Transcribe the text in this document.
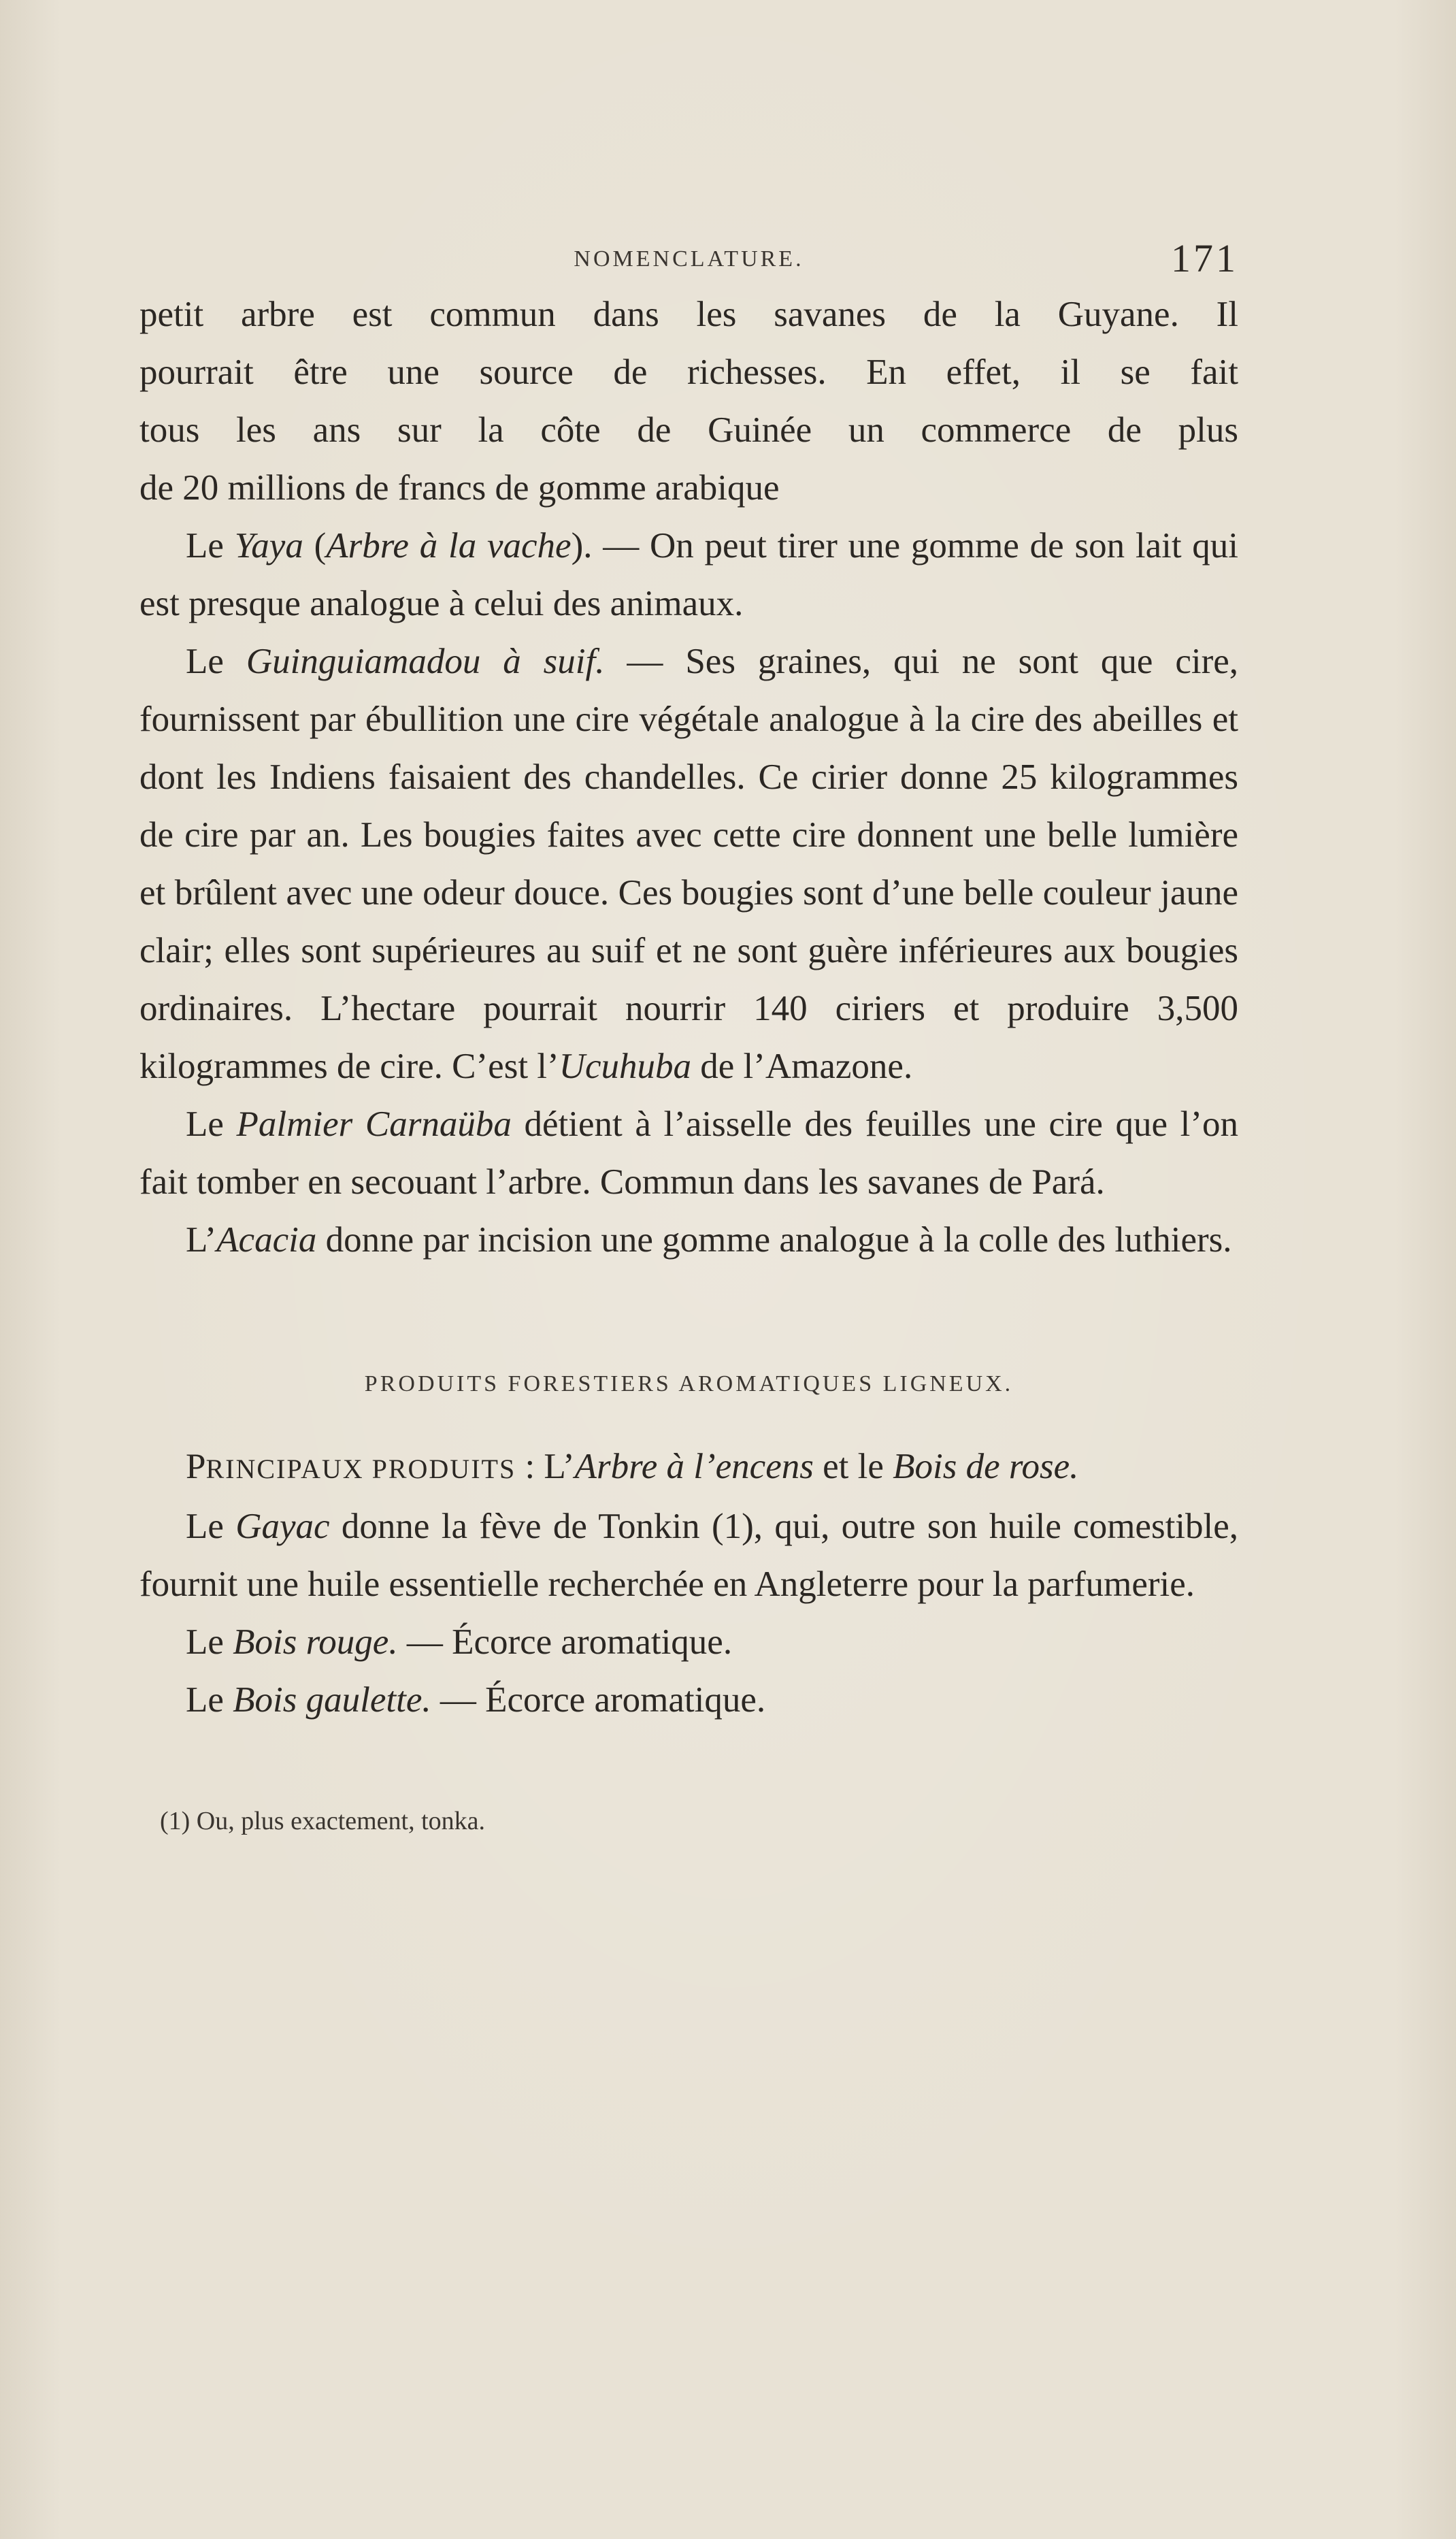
NOMENCLATURE.	171

petit arbre est commun dans les savanes de la Guyane. Il
pourrait être une source de richesses. En effet, il se fait
tous les ans sur la côte de Guinée un commerce de plus
de 20 millions de francs de gomme arabique

Le Yaya (Arbre à la vache). — On peut tirer une gomme de son lait qui est presque analogue à celui des animaux.

Le Guinguiamadou à suif. — Ses graines, qui ne sont que cire, fournissent par ébullition une cire végétale analogue à la cire des abeilles et dont les Indiens faisaient des chandelles. Ce cirier donne 25 kilogrammes de cire par an. Les bougies faites avec cette cire donnent une belle lumière et brûlent avec une odeur douce. Ces bougies sont d’une belle couleur jaune clair; elles sont supérieures au suif et ne sont guère inférieures aux bougies ordinaires. L’hectare pourrait nourrir 140 ciriers et produire 3,500 kilogrammes de cire. C’est l’Ucuhuba de l’Amazone.

Le Palmier Carnaüba détient à l’aisselle des feuilles une cire que l’on fait tomber en secouant l’arbre. Commun dans les savanes de Pará.

L’Acacia donne par incision une gomme analogue à la colle des luthiers.

PRODUITS FORESTIERS AROMATIQUES LIGNEUX.

PRINCIPAUX PRODUITS : L’Arbre à l’encens et le Bois de rose.

Le Gayac donne la fève de Tonkin (1), qui, outre son huile comestible, fournit une huile essentielle recherchée en Angleterre pour la parfumerie.

Le Bois rouge. — Écorce aromatique.

Le Bois gaulette. — Écorce aromatique.

(1) Ou, plus exactement, tonka.
